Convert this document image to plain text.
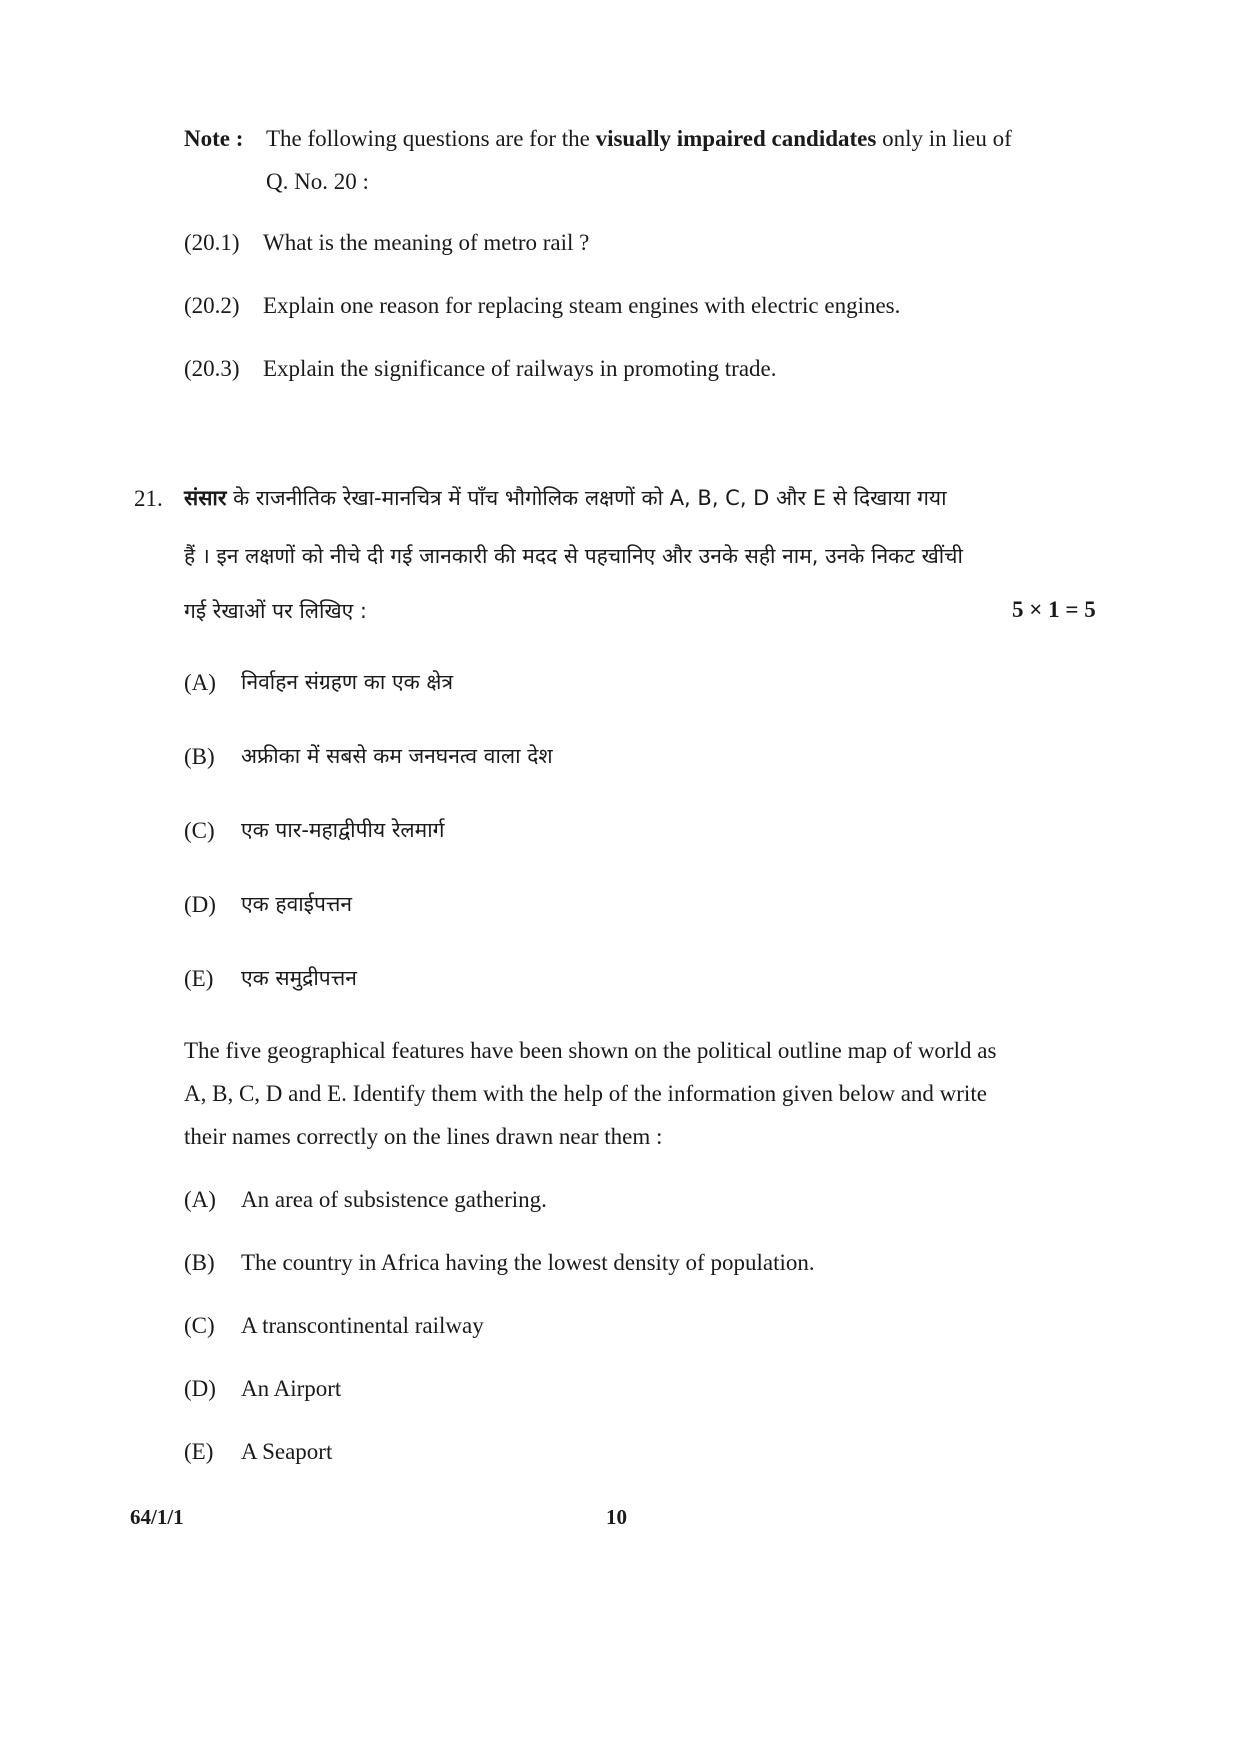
Note : The following questions are for the visually impaired candidates only in lieu of
Q. No. 20 :
(20.1) What is the meaning of metro rail ?
(20.2) Explain one reason for replacing steam engines with electric engines.
(20.3) Explain the significance of railways in promoting trade.
21. संसार के राजनीतिक रेखा-मानचित्र में पाँच भौगोलिक लक्षणों को A, B, C, D और E से दिखाया गया
हैं । इन लक्षणों को नीचे दी गई जानकारी की मदद से पहचानिए और उनके सही नाम, उनके निकट खींची
गई रेखाओं पर लिखिए :	5 × 1 = 5
(A) निर्वाहन संग्रहण का एक क्षेत्र
(B) अफ्रीका में सबसे कम जनघनत्व वाला देश
(C) एक पार-महाद्वीपीय रेलमार्ग
(D) एक हवाईपत्तन
(E) एक समुद्रीपत्तन
The five geographical features have been shown on the political outline map of world as
A, B, C, D and E. Identify them with the help of the information given below and write
their names correctly on the lines drawn near them :
(A) An area of subsistence gathering.
(B) The country in Africa having the lowest density of population.
(C) A transcontinental railway
(D) An Airport
(E) A Seaport
64/1/1	10
